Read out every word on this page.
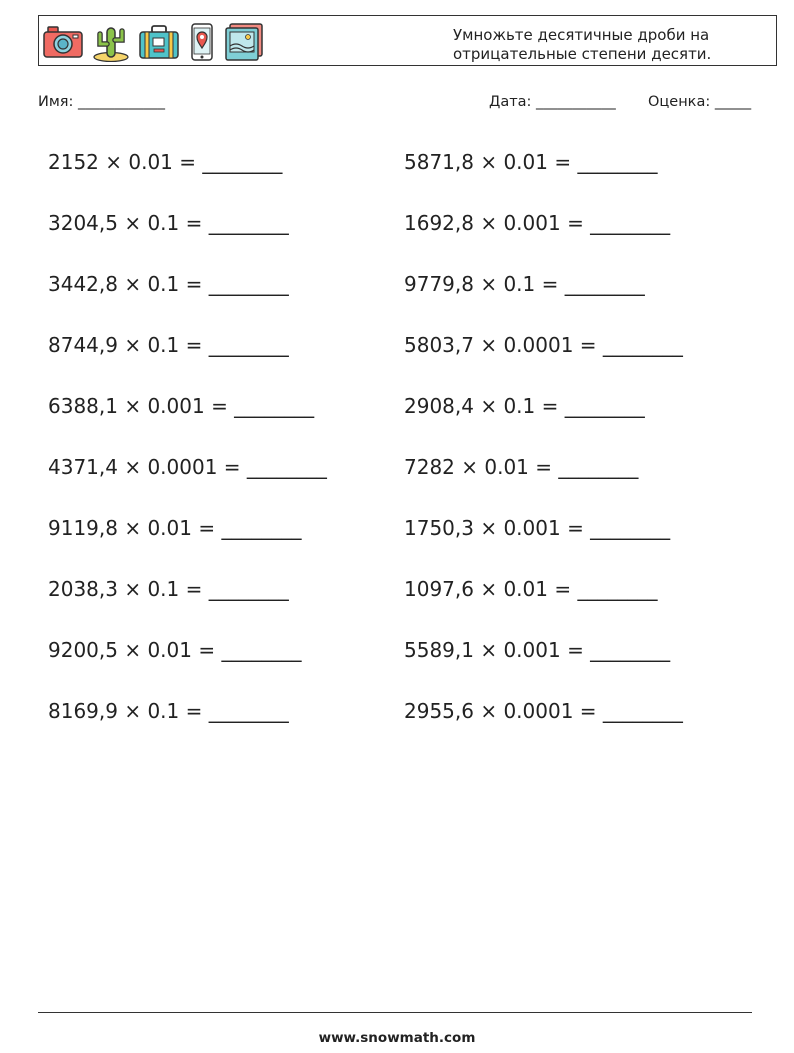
Умножьте десятичные дроби на
отрицательные степени десяти.
Имя: ____________	Дата: ___________ Оценка: _____
2152 × 0.01 = ________
3204,5 × 0.1 = ________
3442,8 × 0.1 = ________
8744,9 × 0.1 = ________
6388,1 × 0.001 = ________
4371,4 × 0.0001 = ________
9119,8 × 0.01 = ________
2038,3 × 0.1 = ________
9200,5 × 0.01 = ________
8169,9 × 0.1 = ________
5871,8 × 0.01 = ________
1692,8 × 0.001 = ________
9779,8 × 0.1 = ________
5803,7 × 0.0001 = ________
2908,4 × 0.1 = ________
7282 × 0.01 = ________
1750,3 × 0.001 = ________
1097,6 × 0.01 = ________
5589,1 × 0.001 = ________
2955,6 × 0.0001 = ________
www.snowmath.com
